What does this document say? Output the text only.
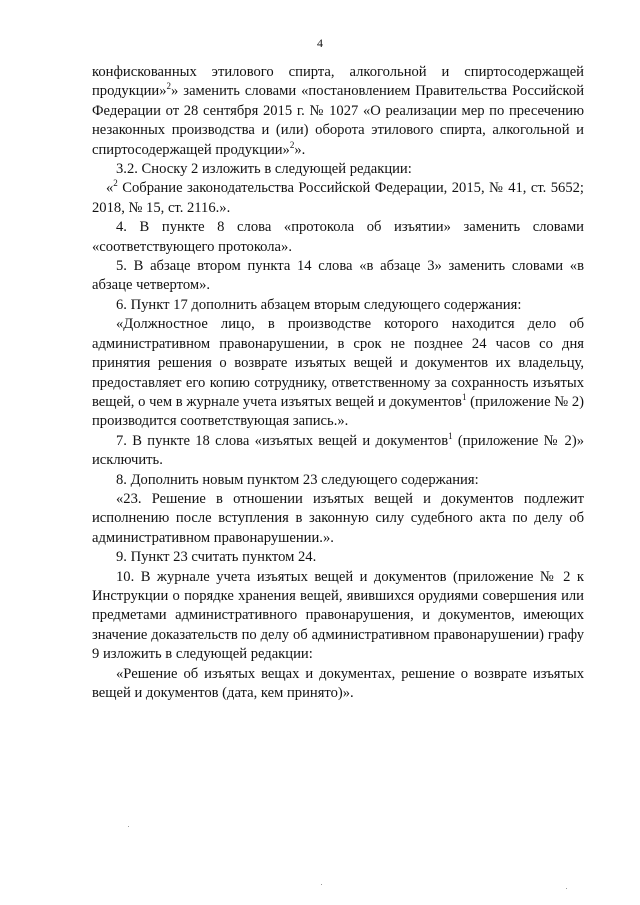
4

конфискованных этилового спирта, алкогольной и спиртосодержащей продукции»$^2$» заменить словами «постановлением Правительства Российской Федерации от 28 сентября 2015 г. № 1027 «О реализации мер по пресечению незаконных производства и (или) оборота этилового спирта, алкогольной и спиртосодержащей продукции»$^2$».

3.2. Сноску 2 изложить в следующей редакции:

«$^2$ Собрание законодательства Российской Федерации, 2015, № 41, ст. 5652; 2018, № 15, ст. 2116.».

4. В пункте 8 слова «протокола об изъятии» заменить словами «соответствующего протокола».

5. В абзаце втором пункта 14 слова «в абзаце 3» заменить словами «в абзаце четвертом».

6. Пункт 17 дополнить абзацем вторым следующего содержания:

«Должностное лицо, в производстве которого находится дело об административном правонарушении, в срок не позднее 24 часов со дня принятия решения о возврате изъятых вещей и документов их владельцу, предоставляет его копию сотруднику, ответственному за сохранность изъятых вещей, о чем в журнале учета изъятых вещей и документов$^1$ (приложение № 2) производится соответствующая запись.».

7. В пункте 18 слова «изъятых вещей и документов$^1$ (приложение № 2)» исключить.

8. Дополнить новым пунктом 23 следующего содержания:

«23. Решение в отношении изъятых вещей и документов подлежит исполнению после вступления в законную силу судебного акта по делу об административном правонарушении.».

9. Пункт 23 считать пунктом 24.

10. В журнале учета изъятых вещей и документов (приложение № 2 к Инструкции о порядке хранения вещей, явившихся орудиями совершения или предметами административного правонарушения, и документов, имеющих значение доказательств по делу об административном правонарушении) графу 9 изложить в следующей редакции:

«Решение об изъятых вещах и документах, решение о возврате изъятых вещей и документов (дата, кем принято)».
